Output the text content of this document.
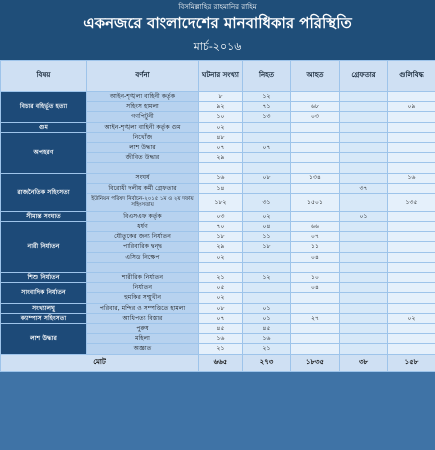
বিসমিল্লাহির রাহমানির রাহিম
একনজরে বাংলাদেশের মানবাধিকার পরিস্থিতি
মার্চ-২০১৬
বিষয়	বর্ণনা	ঘটনার সংখ্যা	নিহত	আহত	গ্রেফতার	গুলিবিদ্ধ
বিচার বহির্ভূত হত্যা	আইন-শৃঙ্খলা বাহিনী কর্তৃক	৮	১২			
	সহিংস হামলা	৯২	৭১	৬৮		০৯
	গণপিটুনী	১০	১৩	০৩		
গুম	আইন-শৃঙ্খলা বাহিনী কর্তৃক গুম	০২				
অপহরণ	নিখোঁজ	৪৮				
	লাশ উদ্ধার	০৭	০৭			
	জীবিত উদ্ধার	২৯				

রাজনৈতিক সহিংসতা	সংঘর্ষ	১৬	০৮	১৩৪		১৬
	বিরোধী দলীয় কর্মী গ্রেফতার	১৪			৩৭	
	ইউনিয়ন পরিষদ নির্বাচন-২০১৫ ১ম ও ২য় দফায় সহিংসতায়	১৮২	৩১	১৫০১		১৩৫
সীমান্ত সংঘাত	বিএসএফ কর্তৃক	০৩	০২		০১	
নারী নির্যাতন	ধর্ষণ	৭০	০৪	৬৬		
	যৌতুকের জন্য নির্যাতন	১৮	১১	০৭		
	পারিবারিক দ্বন্দ্ব	২৯	১৮	১১		
	এসিড নিক্ষেপ	০২		০৪		

শিশু নির্যাতন	শারীরিক নির্যাতন	২১	১২	১০		
সাংবাদিক নির্যাতন	নির্যাতন	০৫		০৪		
	হুমকির সম্মুখীন	০২				
সংখ্যালঘু	পরিবার, মন্দির ও সম্পত্তিতে হামলা	০৮	০১			
ক্যাম্পাস সহিংসতা	আধিপত্য বিস্তার	০৭	০১	২৭		০২
লাশ উদ্ধার	পুরুষ	৪৫	৪৫			
	মহিলা	১৬	১৬			
	অজ্ঞাত	২১	২১			
মোট		৬৬৫	২৭৩	১৮৩৫	৩৮	১৫৮
